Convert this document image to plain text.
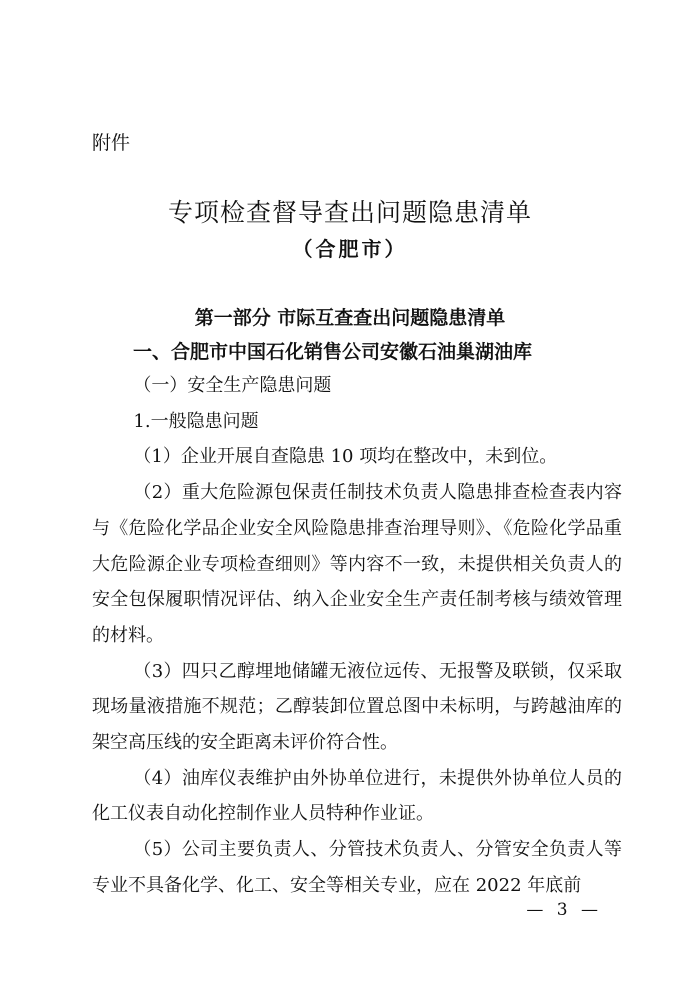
附件
专项检查督导查出问题隐患清单
（合肥市）
第一部分 市际互查查出问题隐患清单
一、合肥市中国石化销售公司安徽石油巢湖油库

（一）安全生产隐患问题

1.一般隐患问题

（1）企业开展自查隐患 10 项均在整改中，未到位。

（2）重大危险源包保责任制技术负责人隐患排查检查表内容与《危险化学品企业安全风险隐患排查治理导则》、《危险化学品重大危险源企业专项检查细则》等内容不一致，未提供相关负责人的安全包保履职情况评估、纳入企业安全生产责任制考核与绩效管理的材料。

（3）四只乙醇埋地储罐无液位远传、无报警及联锁，仅采取现场量液措施不规范；乙醇装卸位置总图中未标明，与跨越油库的架空高压线的安全距离未评价符合性。

（4）油库仪表维护由外协单位进行，未提供外协单位人员的化工仪表自动化控制作业人员特种作业证。

（5）公司主要负责人、分管技术负责人、分管安全负责人等专业不具备化学、化工、安全等相关专业，应在 2022 年底前

— 3 —
